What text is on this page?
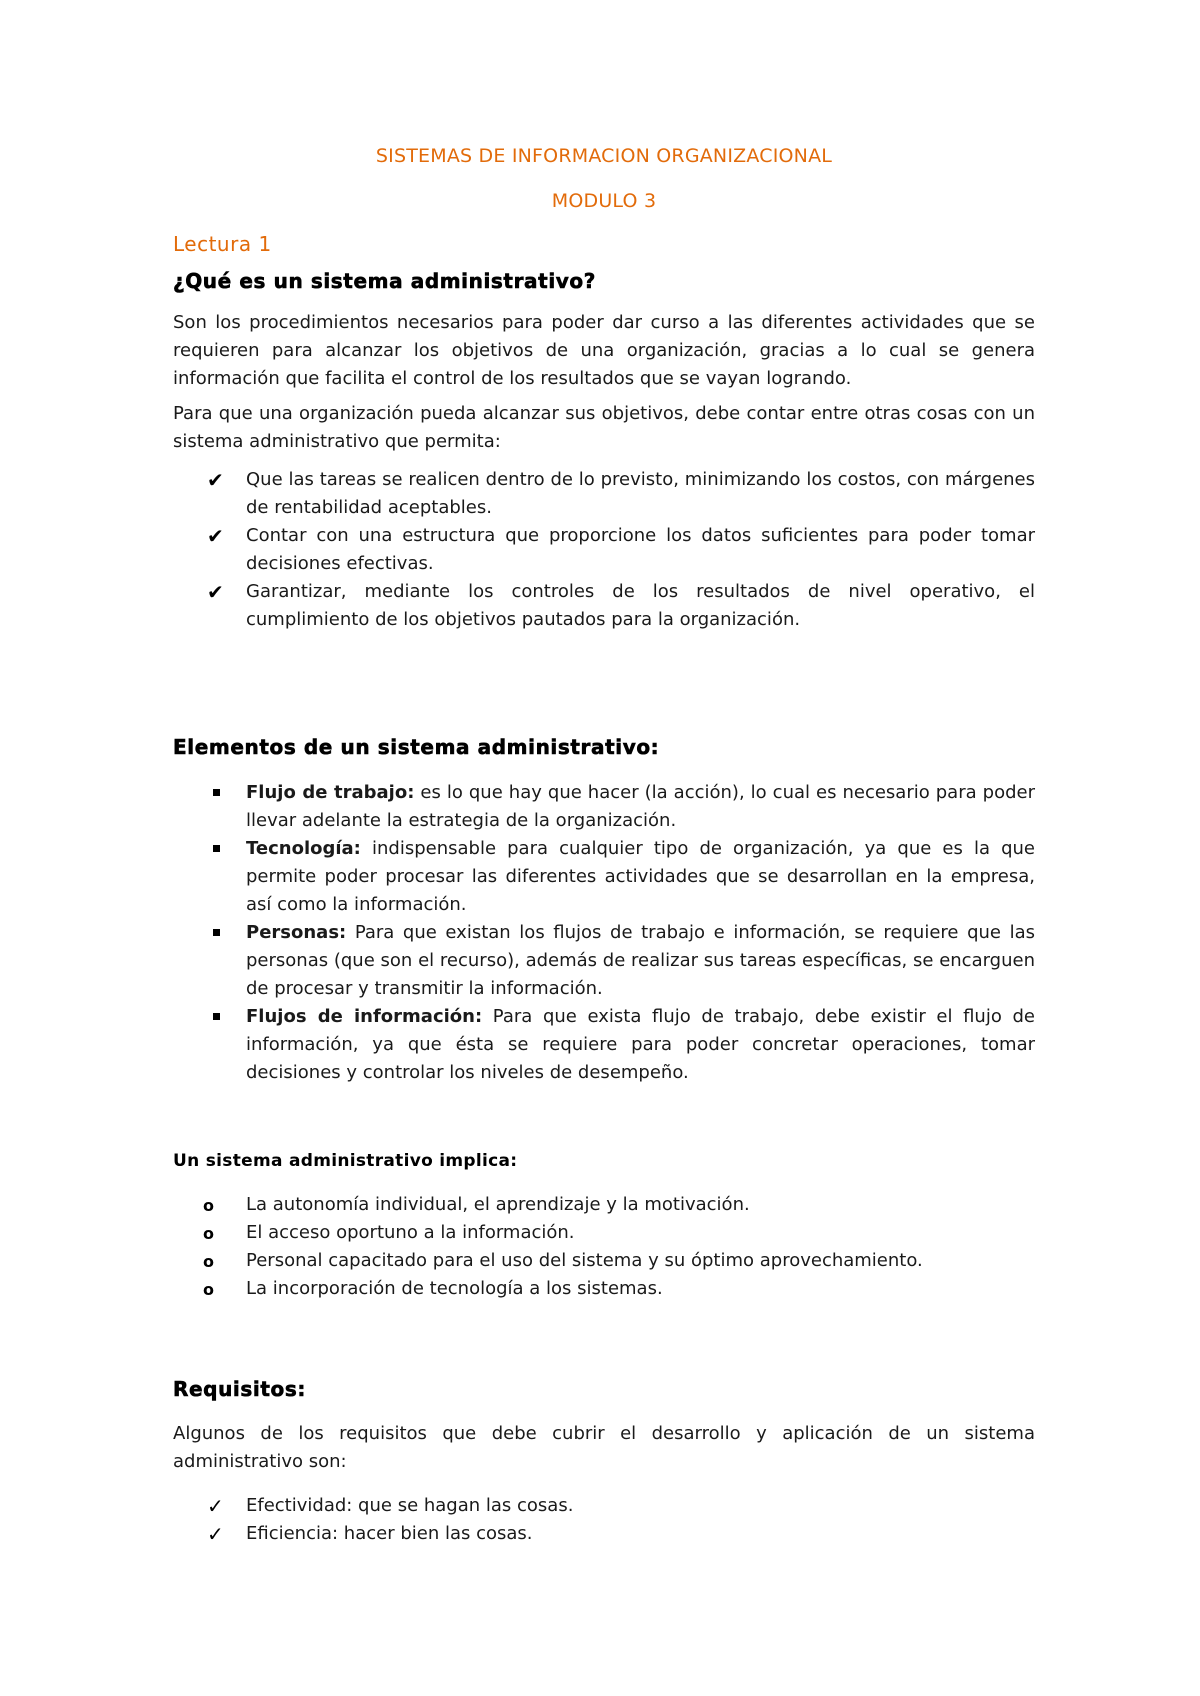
SISTEMAS DE INFORMACION ORGANIZACIONAL

MODULO 3

Lectura 1

¿Qué es un sistema administrativo?

Son los procedimientos necesarios para poder dar curso a las diferentes actividades que se requieren para alcanzar los objetivos de una organización, gracias a lo cual se genera información que facilita el control de los resultados que se vayan logrando.

Para que una organización pueda alcanzar sus objetivos, debe contar entre otras cosas con un sistema administrativo que permita:

✔	Que las tareas se realicen dentro de lo previsto, minimizando los costos, con márgenes de rentabilidad aceptables.
✔	Contar con una estructura que proporcione los datos suficientes para poder tomar decisiones efectivas.
✔	Garantizar, mediante los controles de los resultados de nivel operativo, el cumplimiento de los objetivos pautados para la organización.
Elementos de un sistema administrativo:
Flujo de trabajo: es lo que hay que hacer (la acción), lo cual es necesario para poder llevar adelante la estrategia de la organización.
Tecnología: indispensable para cualquier tipo de organización, ya que es la que permite poder procesar las diferentes actividades que se desarrollan en la empresa, así como la información.
Personas: Para que existan los flujos de trabajo e información, se requiere que las personas (que son el recurso), además de realizar sus tareas específicas, se encarguen de procesar y transmitir la información.
Flujos de información: Para que exista flujo de trabajo, debe existir el flujo de información, ya que ésta se requiere para poder concretar operaciones, tomar decisiones y controlar los niveles de desempeño.
Un sistema administrativo implica:
o	La autonomía individual, el aprendizaje y la motivación.
o	El acceso oportuno a la información.
o	Personal capacitado para el uso del sistema y su óptimo aprovechamiento.
o	La incorporación de tecnología a los sistemas.
Requisitos:

Algunos de los requisitos que debe cubrir el desarrollo y aplicación de un sistema administrativo son:

✓	Efectividad: que se hagan las cosas.
✓	Eficiencia: hacer bien las cosas.
